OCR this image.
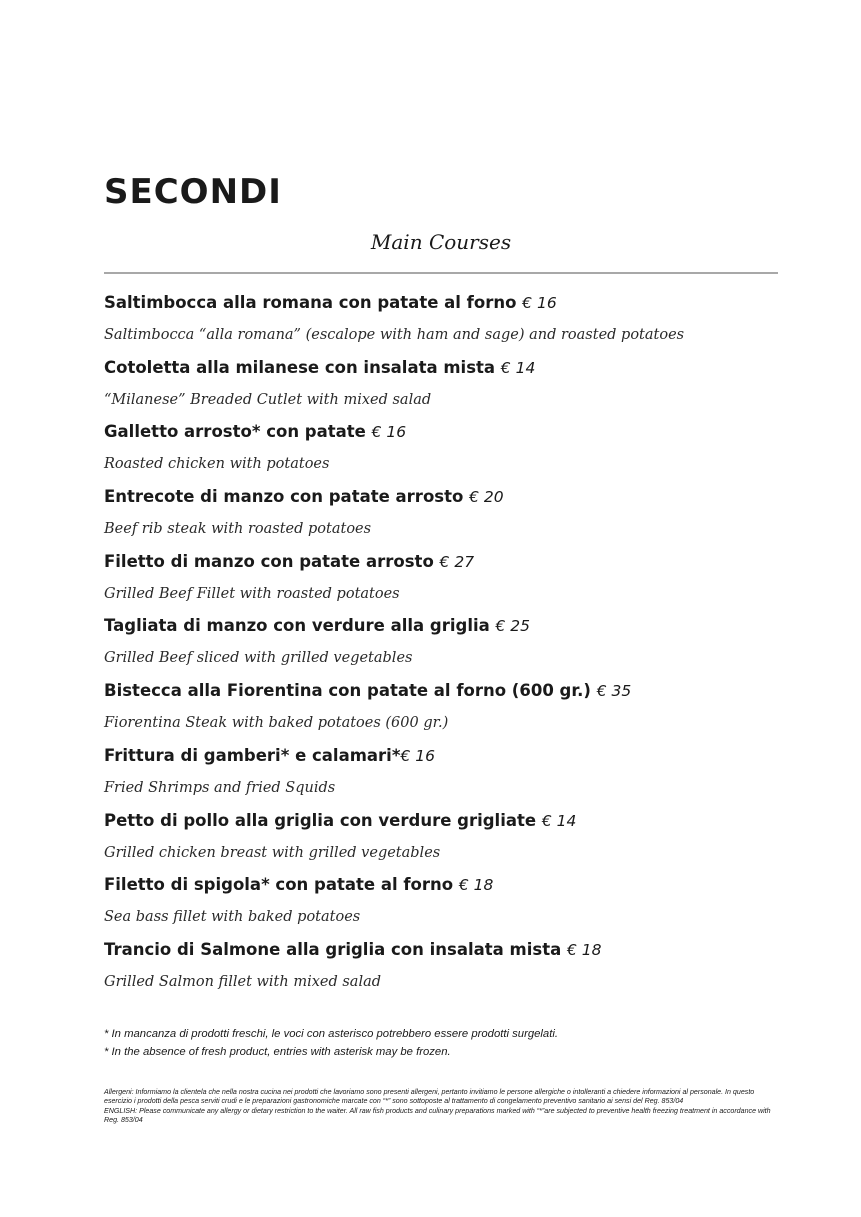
SECONDI
Main Courses
Saltimbocca alla romana con patate al forno € 16
Saltimbocca “alla romana” (escalope with ham and sage) and roasted potatoes
Cotoletta alla milanese con insalata mista € 14
“Milanese” Breaded Cutlet with mixed salad
Galletto arrosto* con patate € 16
Roasted chicken with potatoes
Entrecote di manzo con patate arrosto € 20
Beef rib steak with roasted potatoes
Filetto di manzo con patate arrosto € 27
Grilled Beef Fillet with roasted potatoes
Tagliata di manzo con verdure alla griglia € 25
Grilled Beef sliced with grilled vegetables
Bistecca alla Fiorentina con patate al forno (600 gr.) € 35
Fiorentina Steak with baked potatoes (600 gr.)
Frittura di gamberi* e calamari*€ 16
Fried Shrimps and fried Squids
Petto di pollo alla griglia con verdure grigliate € 14
Grilled chicken breast with grilled vegetables
Filetto di spigola* con patate al forno € 18
Sea bass fillet with baked potatoes
Trancio di Salmone alla griglia con insalata mista € 18
Grilled Salmon fillet with mixed salad
* In mancanza di prodotti freschi, le voci con asterisco potrebbero essere prodotti surgelati.
* In the absence of fresh product, entries with asterisk may be frozen.

Allergeni: Informiamo la clientela che nella nostra cucina nei prodotti che lavoriamo sono presenti allergeni, pertanto invitiamo le persone allergiche o intolleranti a chiedere informazioni al personale. In questo esercizio i prodotti della pesca serviti crudi e le preparazioni gastronomiche marcate con “*” sono sottoposte al trattamento di congelamento preventivo sanitario ai sensi del Reg. 853/04

ENGLISH: Please communicate any allergy or dietary restriction to the waiter. All raw fish products and culinary preparations marked with “*”are subjected to preventive health freezing treatment in accordance with Reg. 853/04
